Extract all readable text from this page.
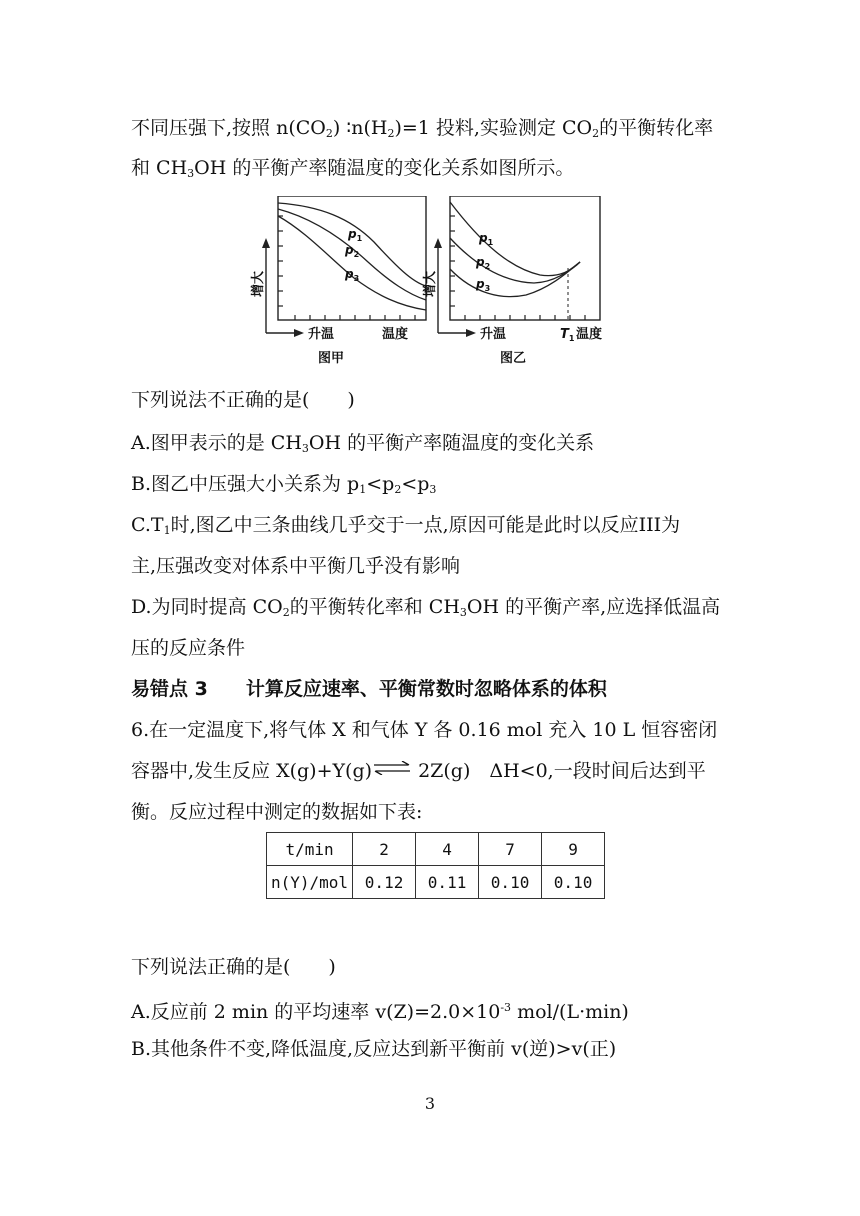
不同压强下,按照 $n(CO_2)$ $∶n(H_2)=1$ 投料,实验测定 $CO_2$的平衡转化率
和 $CH_3OH$ 的平衡产率随温度的变化关系如图所示。
$p_1$
$p_2$
$p_3$
增大
升温	温度
图甲
$p_1$
$p_2$
$p_3$
增大
升温	$T_1$ 温度
图乙
下列说法不正确的是(　　)
A.图甲表示的是 $CH_3OH$ 的平衡产率随温度的变化关系
B.图乙中压强大小关系为 $p_1<p_2<p_3$
$C.T_1$时,图乙中三条曲线几乎交于一点,原因可能是此时以反应III为
主,压强改变对体系中平衡几乎没有影响
D.为同时提高 $CO_2$的平衡转化率和 $CH_3OH$ 的平衡产率,应选择低温高
压的反应条件
易错点 3　　计算反应速率、平衡常数时忽略体系的体积
6.在一定温度下,将气体 X 和气体 Y 各 0.16 mol 充入 10 L 恒容密闭
容器中,发生反应 X(g)+Y(g)⇌ 2Z(g)　ΔH<0,一段时间后达到平
衡。反应过程中测定的数据如下表:
t/min	2	4	7	9
n(Y)/mol	0.12	0.11	0.10	0.10
下列说法正确的是(　　)
A.反应前 2 min 的平均速率 $v(Z)=2.0\times 10^{-3}$ mol/(L·min)
B.其他条件不变,降低温度,反应达到新平衡前 v(逆)>v(正)
3
